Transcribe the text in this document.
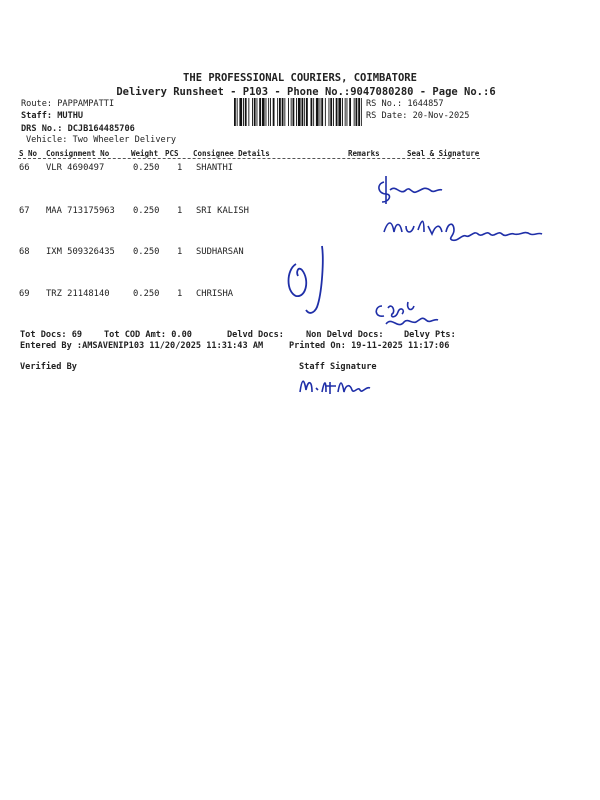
THE PROFESSIONAL COURIERS, COIMBATORE
Delivery Runsheet - P103 - Phone No.:9047080280 - Page No.:6
Route: PAPPAMPATTI
Staff: MUTHU
DRS No.: DCJB164485706
Vehicle: Two Wheeler Delivery
RS No.: 1644857
RS Date: 20-Nov-2025
S No Consignment No	Weight PCS Consignee Details	Remarks	Seal & Signature
66 VLR 4690497	0.250 1 SHANTHI
67 MAA 713175963 0.250 1 SRI KALISH
68 IXM 509326435 0.250 1 SUDHARSAN
69 TRZ 21148140	0.250 1 CHRISHA
Tot Docs: 69	Tot COD Amt: 0.00	Delvd Docs:	Non Delvd Docs: Delvy Pts:
Entered By :AMSAVENIP103 11/20/2025 11:31:43 AM	Printed On: 19-11-2025 11:17:06
Verified By	Staff Signature
